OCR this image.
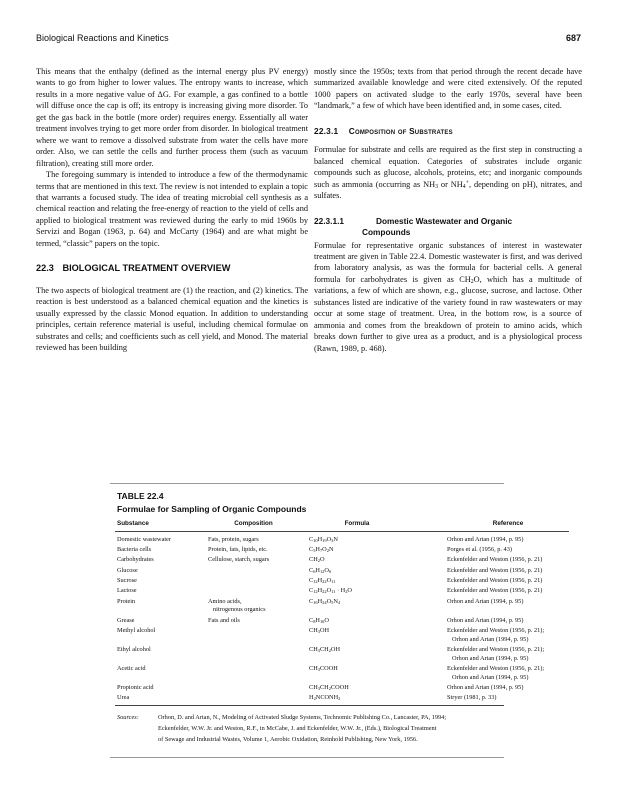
Biological Reactions and Kinetics	687

This means that the enthalpy (defined as the internal energy plus PV energy) wants to go from higher to lower values. The entropy wants to increase, which results in a more negative value of ΔG. For example, a gas confined to a bottle will diffuse once the cap is off; its entropy is increasing giving more disorder. To get the gas back in the bottle (more order) requires energy. Essentially all water treatment involves trying to get more order from disorder. In biological treatment where we want to remove a dissolved substrate from water the cells have more order. Also, we can settle the cells and further process them (such as vacuum filtration), creating still more order.

The foregoing summary is intended to introduce a few of the thermodynamic terms that are mentioned in this text. The review is not intended to explain a topic that warrants a focused study. The idea of treating microbial cell synthesis as a chemical reaction and relating the free-energy of reaction to the yield of cells and applied to biological treatment was reviewed during the early to mid 1960s by Servizi and Bogan (1963, p. 64) and McCarty (1964) and are what might be termed, “classic” papers on the topic.

22.3 BIOLOGICAL TREATMENT OVERVIEW

The two aspects of biological treatment are (1) the reaction, and (2) kinetics. The reaction is best understood as a balanced chemical equation and the kinetics is usually expressed by the classic Monod equation. In addition to understanding principles, certain reference material is useful, including chemical formulae on substrates and cells; and coefficients such as cell yield, and Monod. The material reviewed has been building

mostly since the 1950s; texts from that period through the recent decade have summarized available knowledge and were cited extensively. Of the reputed 1000 papers on activated sludge to the early 1970s, several have been “landmark,” a few of which have been identified and, in some cases, cited.

22.3.1 Composition of Substrates

Formulae for substrate and cells are required as the first step in constructing a balanced chemical equation. Categories of substrates include organic compounds such as glucose, alcohols, proteins, etc; and inorganic compounds such as ammonia (occurring as $NH_3$ or $NH_4^+$, depending on pH), nitrates, and sulfates.

22.3.1.1	Domestic Wastewater and Organic
Compounds

Formulae for representative organic substances of interest in wastewater treatment are given in Table 22.4. Domestic wastewater is first, and was derived from laboratory analysis, as was the formula for bacterial cells. A general formula for carbohydrates is given as $CH_2O$, which has a multitude of variations, a few of which are shown, e.g., glucose, sucrose, and lactose. Other substances listed are indicative of the variety found in raw wastewaters or may occur at some stage of treatment. Urea, in the bottom row, is a source of ammonia and comes from the breakdown of protein to amino acids, which breaks down further to give urea as a product, and is a physiological process (Rawn, 1989, p. 468).

TABLE 22.4
Formulae for Sampling of Organic Compounds
Substance	Composition	Formula	Reference
Domestic wastewater	Fats, protein, sugars	$C_{10}H_{19}O_3N$	Orhon and Artan (1994, p. 95)

Bacteria cells	Protein, fats, lipids, etc.	$C_5H_7O_2N$	Porges et al. (1956, p. 43)

Carbohydrates	Cellulose, starch, sugars	$CH_2O$	Eckenfelder and Weston (1956, p. 21)

Glucose		$C_6H_{12}O_6$	Eckenfelder and Weston (1956, p. 21)

Sucrose		$C_{12}H_{22}O_{11}$	Eckenfelder and Weston (1956, p. 21)

Lactose		$C_{12}H_{22}O_{11} \cdot H_2O$	Eckenfelder and Weston (1956, p. 21)

Protein	Amino acids,
nitrogenous organics	$C_{16}H_{24}O_5N_4$	Orhon and Artan (1994, p. 95)

Grease	Fats and oils	$C_8H_{16}O$	Orhon and Artan (1994, p. 95)

Methyl alcohol		$CH_3OH$	Eckenfelder and Weston (1956, p. 21);
Orhon and Artan (1994, p. 95)

Ethyl alcohol		$CH_3CH_2OH$	Eckenfelder and Weston (1956, p. 21);
Orhon and Artan (1994, p. 95)

Acetic acid		$CH_3COOH$	Eckenfelder and Weston (1956, p. 21);
Orhon and Artan (1994, p. 95)

Propionic acid		$CH_3CH_2COOH$	Orhon and Artan (1994, p. 95)

Urea		$H_2NCONH_2$	Stryer (1981, p. 33)
Sources:	Orhon, D. and Artan, N., Modeling of Activated Sludge Systems, Technomic Publishing Co., Lancaster, PA, 1994;
Eckenfelder, W.W. Jr. and Weston, R.F., in McCabe, J. and Eckenfelder, W.W. Jr., (Eds.), Biological Treatment
of Sewage and Industrial Wastes, Volume 1, Aerobic Oxidation, Reinhold Publishing, New York, 1956.
